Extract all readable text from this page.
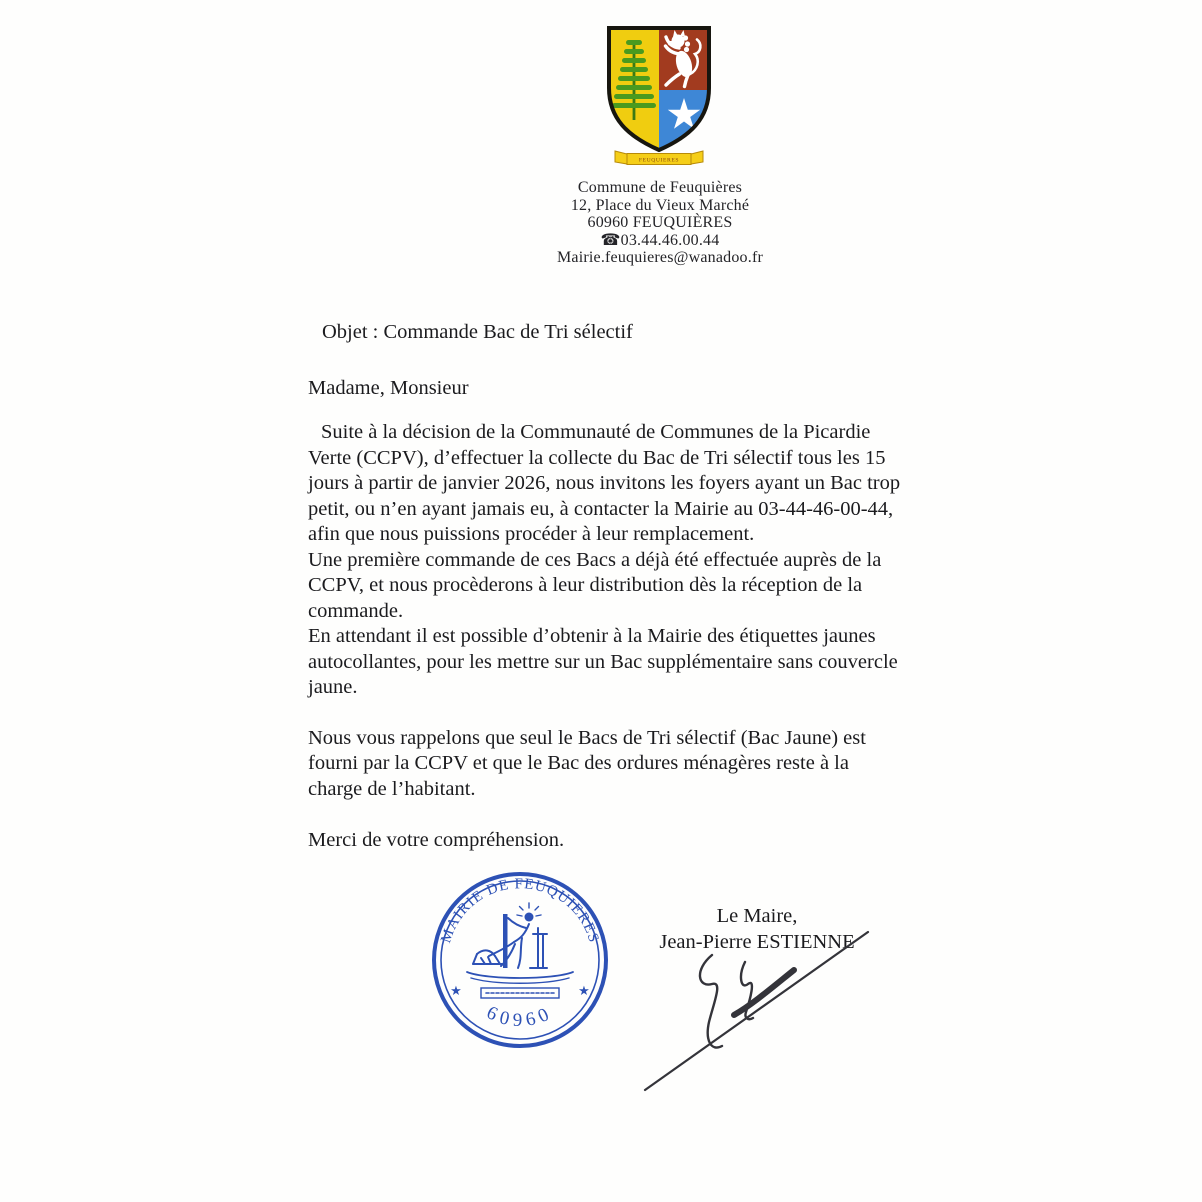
FEUQUIERES
Commune de Feuquières
12, Place du Vieux Marché
60960 FEUQUIÈRES
☎03.44.46.00.44
Mairie.feuquieres@wanadoo.fr
Objet : Commande Bac de Tri sélectif
Madame, Monsieur
Suite à la décision de la Communauté de Communes de la Picardie
Verte (CCPV), d’effectuer la collecte du Bac de Tri sélectif tous les 15
jours à partir de janvier 2026, nous invitons les foyers ayant un Bac trop
petit, ou n’en ayant jamais eu, à contacter la Mairie au 03-44-46-00-44,
afin que nous puissions procéder à leur remplacement.
Une première commande de ces Bacs a déjà été effectuée auprès de la
CCPV, et nous procèderons à leur distribution dès la réception de la
commande.
En attendant il est possible d’obtenir à la Mairie des étiquettes jaunes
autocollantes, pour les mettre sur un Bac supplémentaire sans couvercle
jaune.
Nous vous rappelons que seul le Bacs de Tri sélectif (Bac Jaune) est
fourni par la CCPV et que le Bac des ordures ménagères reste à la
charge de l’habitant.
Merci de votre compréhension.
Le Maire,
Jean-Pierre ESTIENNE
MAIRIE DE FEUQUIERES
60960
★	★
